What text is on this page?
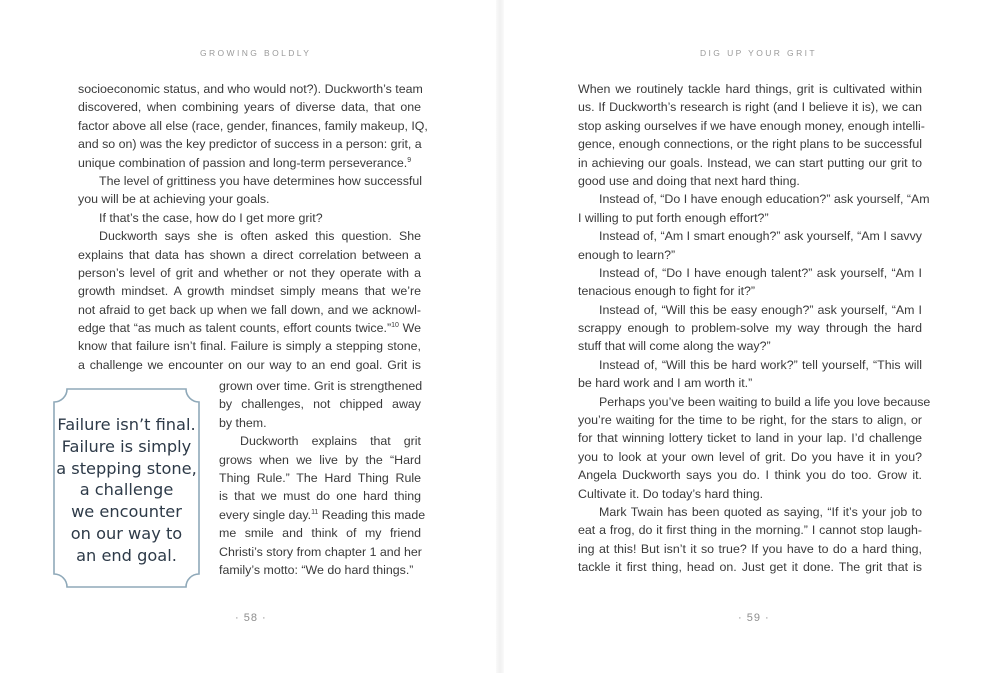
GROWING BOLDLY
socioeconomic status, and who would not?). Duckworth’s team
discovered, when combining years of diverse data, that one
factor above all else (race, gender, finances, family makeup, IQ,
and so on) was the key predictor of success in a person: grit, a
unique combination of passion and long-term perseverance.$^9$
The level of grittiness you have determines how successful
you will be at achieving your goals.
If that’s the case, how do I get more grit?
Duckworth says she is often asked this question. She
explains that data has shown a direct correlation between a
person’s level of grit and whether or not they operate with a
growth mindset. A growth mindset simply means that we’re
not afraid to get back up when we fall down, and we acknowl-
edge that “as much as talent counts, effort counts twice.”$^{10}$ We
know that failure isn’t final. Failure is simply a stepping stone,
a challenge we encounter on our way to an end goal. Grit is
grown over time. Grit is strengthened
by challenges, not chipped away
by them.
Duckworth explains that grit
grows when we live by the “Hard
Thing Rule.” The Hard Thing Rule
is that we must do one hard thing
every single day.$^{11}$ Reading this made
me smile and think of my friend
Christi’s story from chapter 1 and her
family’s motto: “We do hard things.”
Failure isn’t final.
Failure is simply
a stepping stone,
a challenge
we encounter
on our way to
an end goal.
· 58 ·
DIG UP YOUR GRIT
When we routinely tackle hard things, grit is cultivated within
us. If Duckworth’s research is right (and I believe it is), we can
stop asking ourselves if we have enough money, enough intelli-
gence, enough connections, or the right plans to be successful
in achieving our goals. Instead, we can start putting our grit to
good use and doing that next hard thing.
Instead of, “Do I have enough education?” ask yourself, “Am
I willing to put forth enough effort?”
Instead of, “Am I smart enough?” ask yourself, “Am I savvy
enough to learn?”
Instead of, “Do I have enough talent?” ask yourself, “Am I
tenacious enough to fight for it?”
Instead of, “Will this be easy enough?” ask yourself, “Am I
scrappy enough to problem-solve my way through the hard
stuff that will come along the way?”
Instead of, “Will this be hard work?” tell yourself, “This will
be hard work and I am worth it.”
Perhaps you’ve been waiting to build a life you love because
you’re waiting for the time to be right, for the stars to align, or
for that winning lottery ticket to land in your lap. I’d challenge
you to look at your own level of grit. Do you have it in you?
Angela Duckworth says you do. I think you do too. Grow it.
Cultivate it. Do today’s hard thing.
Mark Twain has been quoted as saying, “If it’s your job to
eat a frog, do it first thing in the morning.” I cannot stop laugh-
ing at this! But isn’t it so true? If you have to do a hard thing,
tackle it first thing, head on. Just get it done. The grit that is
· 59 ·
